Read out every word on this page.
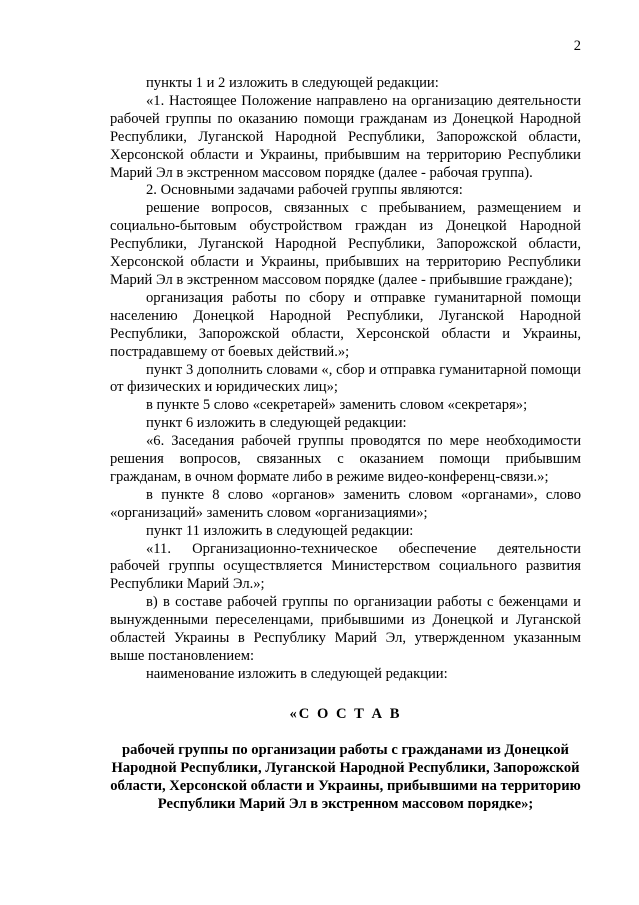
2

пункты 1 и 2 изложить в следующей редакции:

«1. Настоящее Положение направлено на организацию деятельности рабочей группы по оказанию помощи гражданам из Донецкой Народной Республики, Луганской Народной Республики, Запорожской области, Херсонской области и Украины, прибывшим на территорию Республики Марий Эл в экстренном массовом порядке (далее - рабочая группа).

2. Основными задачами рабочей группы являются:

решение вопросов, связанных с пребыванием, размещением и социально-бытовым обустройством граждан из Донецкой Народной Республики, Луганской Народной Республики, Запорожской области, Херсонской области и Украины, прибывших на территорию Республики Марий Эл в экстренном массовом порядке (далее - прибывшие граждане);

организация работы по сбору и отправке гуманитарной помощи населению Донецкой Народной Республики, Луганской Народной Республики, Запорожской области, Херсонской области и Украины, пострадавшему от боевых действий.»;

пункт 3 дополнить словами «, сбор и отправка гуманитарной помощи от физических и юридических лиц»;

в пункте 5 слово «секретарей» заменить словом «секретаря»;

пункт 6 изложить в следующей редакции:

«6. Заседания рабочей группы проводятся по мере необходимости решения вопросов, связанных с оказанием помощи прибывшим гражданам, в очном формате либо в режиме видео-конференц-связи.»;

в пункте 8 слово «органов» заменить словом «органами», слово «организаций» заменить словом «организациями»;

пункт 11 изложить в следующей редакции:

«11. Организационно-техническое обеспечение деятельности рабочей группы осуществляется Министерством социального развития Республики Марий Эл.»;

в) в составе рабочей группы по организации работы с беженцами и вынужденными переселенцами, прибывшими из Донецкой и Луганской областей Украины в Республику Марий Эл, утвержденном указанным выше постановлением:

наименование изложить в следующей редакции:

«С О С Т А В

рабочей группы по организации работы с гражданами из Донецкой Народной Республики, Луганской Народной Республики, Запорожской области, Херсонской области и Украины, прибывшими на территорию Республики Марий Эл в экстренном массовом порядке»;
